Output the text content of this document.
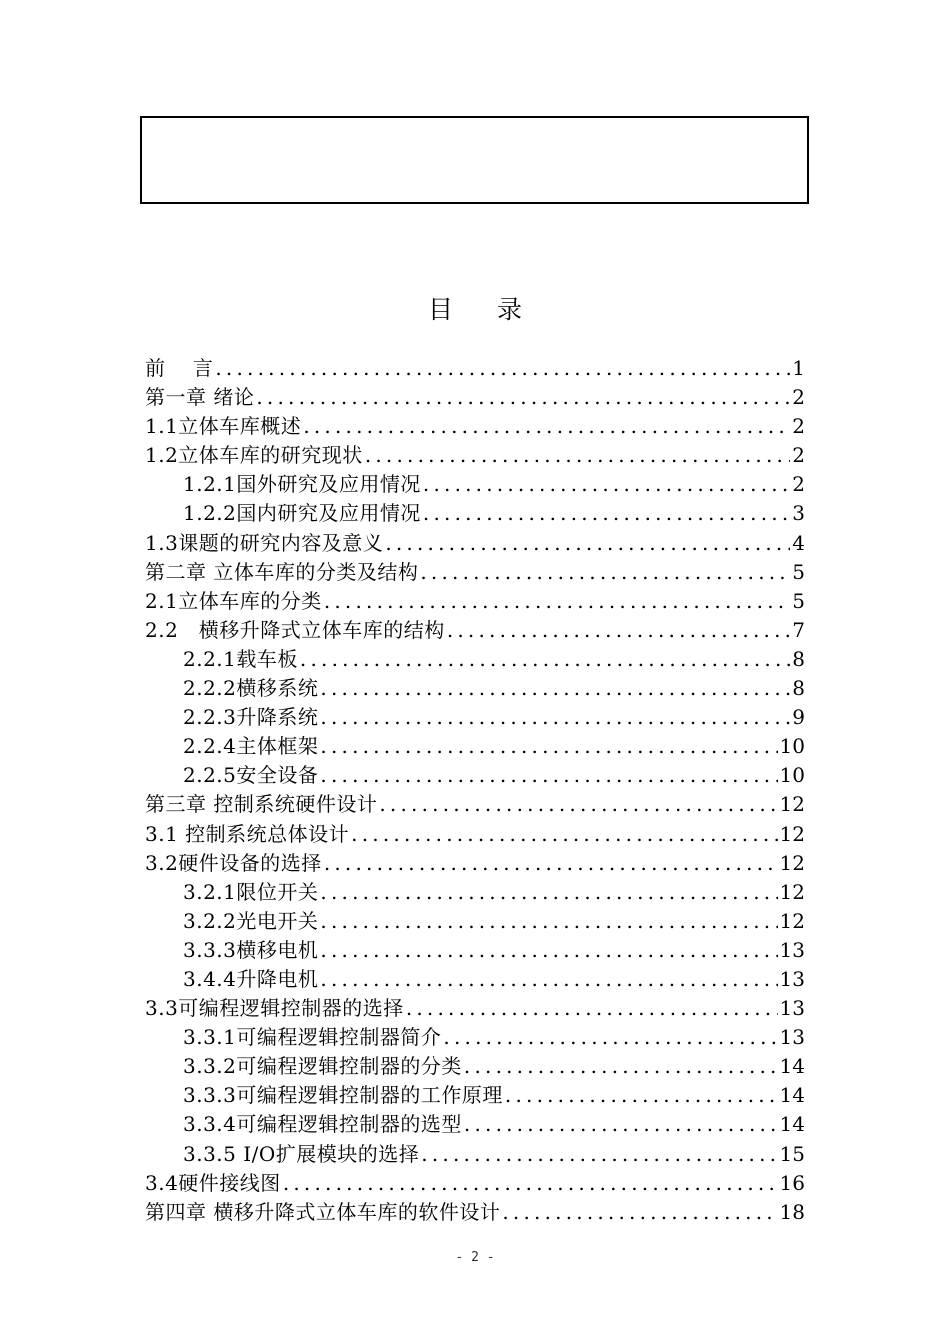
目 录
前　 言 .....	1
第一章 绪论 .....	2
1.1立体车库概述 .....	2
1.2立体车库的研究现状 .....	2
1.2.1国外研究及应用情况 .....	2
1.2.2国内研究及应用情况 .....	3
1.3课题的研究内容及意义 .....	4
第二章 立体车库的分类及结构 .....	5
2.1立体车库的分类 .....	5
2.2　横移升降式立体车库的结构 .....	7
2.2.1载车板 .....	8
2.2.2横移系统 .....	8
2.2.3升降系统 .....	9
2.2.4主体框架 .....	10
2.2.5安全设备 .....	10
第三章 控制系统硬件设计 .....	12
3.1 控制系统总体设计 .....	12
3.2硬件设备的选择 .....	12
3.2.1限位开关 .....	12
3.2.2光电开关 .....	12
3.3.3横移电机 .....	13
3.4.4升降电机 .....	13
3.3可编程逻辑控制器的选择 .....	13
3.3.1可编程逻辑控制器简介 .....	13
3.3.2可编程逻辑控制器的分类 .....	14
3.3.3可编程逻辑控制器的工作原理 .....	14
3.3.4可编程逻辑控制器的选型 .....	14
3.3.5 I/O扩展模块的选择 .....	15
3.4硬件接线图 .....	16
第四章 横移升降式立体车库的软件设计 .....	18
- 2 -
